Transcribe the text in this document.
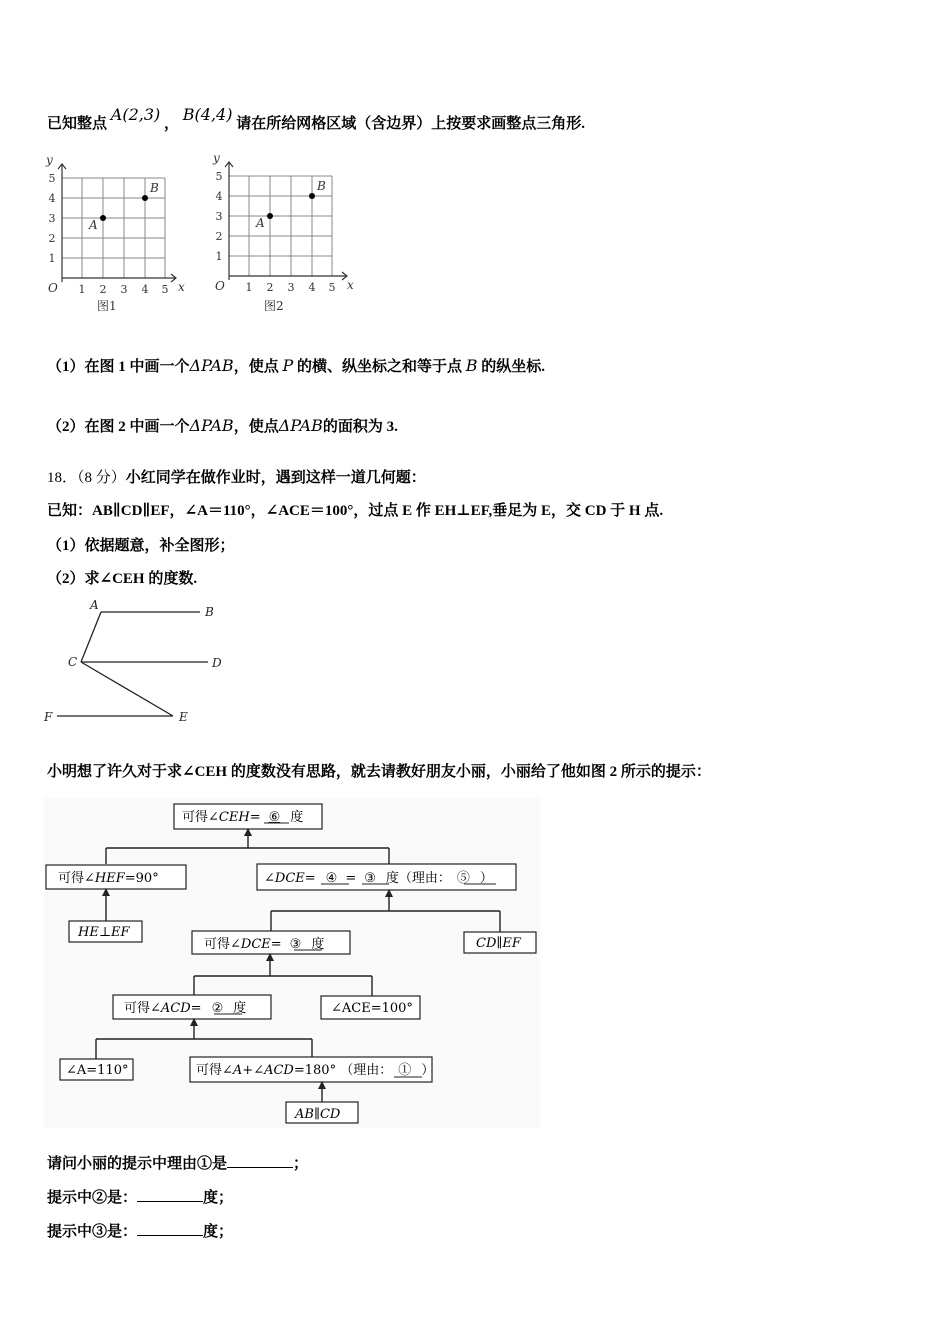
已知整点 A(2,3) ， B(4,4) 请在所给网格区域（含边界）上按要求画整点三角形.
y
x
O 1 2 3 4 5
1
2
3
4
5
A
B
图1
y
x
O 1 2 3 4 5
1
2
3
4
5
A
B
图2
（1）在图 1 中画一个ΔPAB，使点 P 的横、纵坐标之和等于点 B 的纵坐标.
（2）在图 2 中画一个ΔPAB，使点ΔPAB的面积为 3.
18．（8 分）小红同学在做作业时，遇到这样一道几何题：
已知：AB∥CD∥EF，∠A＝110°，∠ACE＝100°，过点 E 作 EH⊥EF,垂足为 E，交 CD 于 H 点.
（1）依据题意，补全图形；
（2）求∠CEH 的度数.
A	B
C	D
E
F
小明想了许久对于求∠CEH 的度数没有思路，就去请教好朋友小丽，小丽给了他如图 2 所示的提示：
可得∠CEH= ⑥ 度
可得∠HEF=90°	∠DCE= ④ = ③ 度（理由： ⑤ ）
HE⊥EF
可得∠DCE= ③ 度	CD∥EF
可得∠ACD= ② 度	∠ACE=100°
∠A=110°	可得∠A+∠ACD=180° （理由： ① ）
AB∥CD
请问小丽的提示中理由①是	；
提示中②是：	度；
提示中③是：	度；
